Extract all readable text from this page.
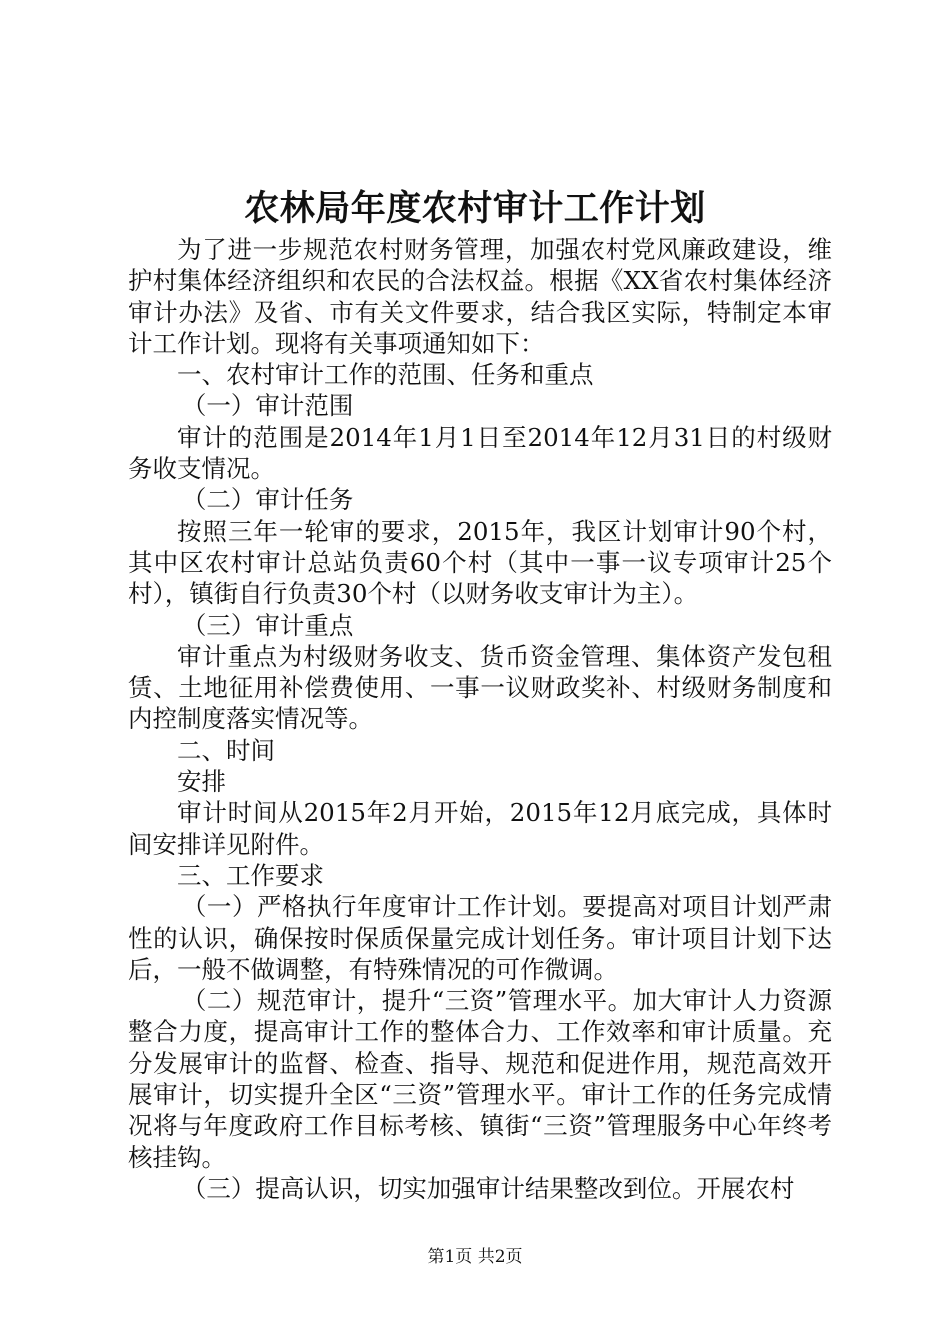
农林局年度农村审计工作计划

为了进一步规范农村财务管理，加强农村党风廉政建设，维护村集体经济组织和农民的合法权益。根据《XX省农村集体经济审计办法》及省、市有关文件要求，结合我区实际，特制定本审计工作计划。现将有关事项通知如下：

一、农村审计工作的范围、任务和重点

（一）审计范围

审计的范围是2014年1月1日至2014年12月31日的村级财务收支情况。

（二）审计任务

按照三年一轮审的要求，2015年，我区计划审计90个村，其中区农村审计总站负责60个村（其中一事一议专项审计25个村），镇街自行负责30个村（以财务收支审计为主）。

（三）审计重点

审计重点为村级财务收支、货币资金管理、集体资产发包租赁、土地征用补偿费使用、一事一议财政奖补、村级财务制度和内控制度落实情况等。

二、时间

安排

审计时间从2015年2月开始，2015年12月底完成，具体时间安排详见附件。

三、工作要求

（一）严格执行年度审计工作计划。要提高对项目计划严肃性的认识，确保按时保质保量完成计划任务。审计项目计划下达后，一般不做调整，有特殊情况的可作微调。

（二）规范审计，提升“三资”管理水平。加大审计人力资源整合力度，提高审计工作的整体合力、工作效率和审计质量。充分发展审计的监督、检查、指导、规范和促进作用，规范高效开展审计，切实提升全区“三资”管理水平。审计工作的任务完成情况将与年度政府工作目标考核、镇街“三资”管理服务中心年终考核挂钩。

（三）提高认识，切实加强审计结果整改到位。开展农村

第1页 共2页
